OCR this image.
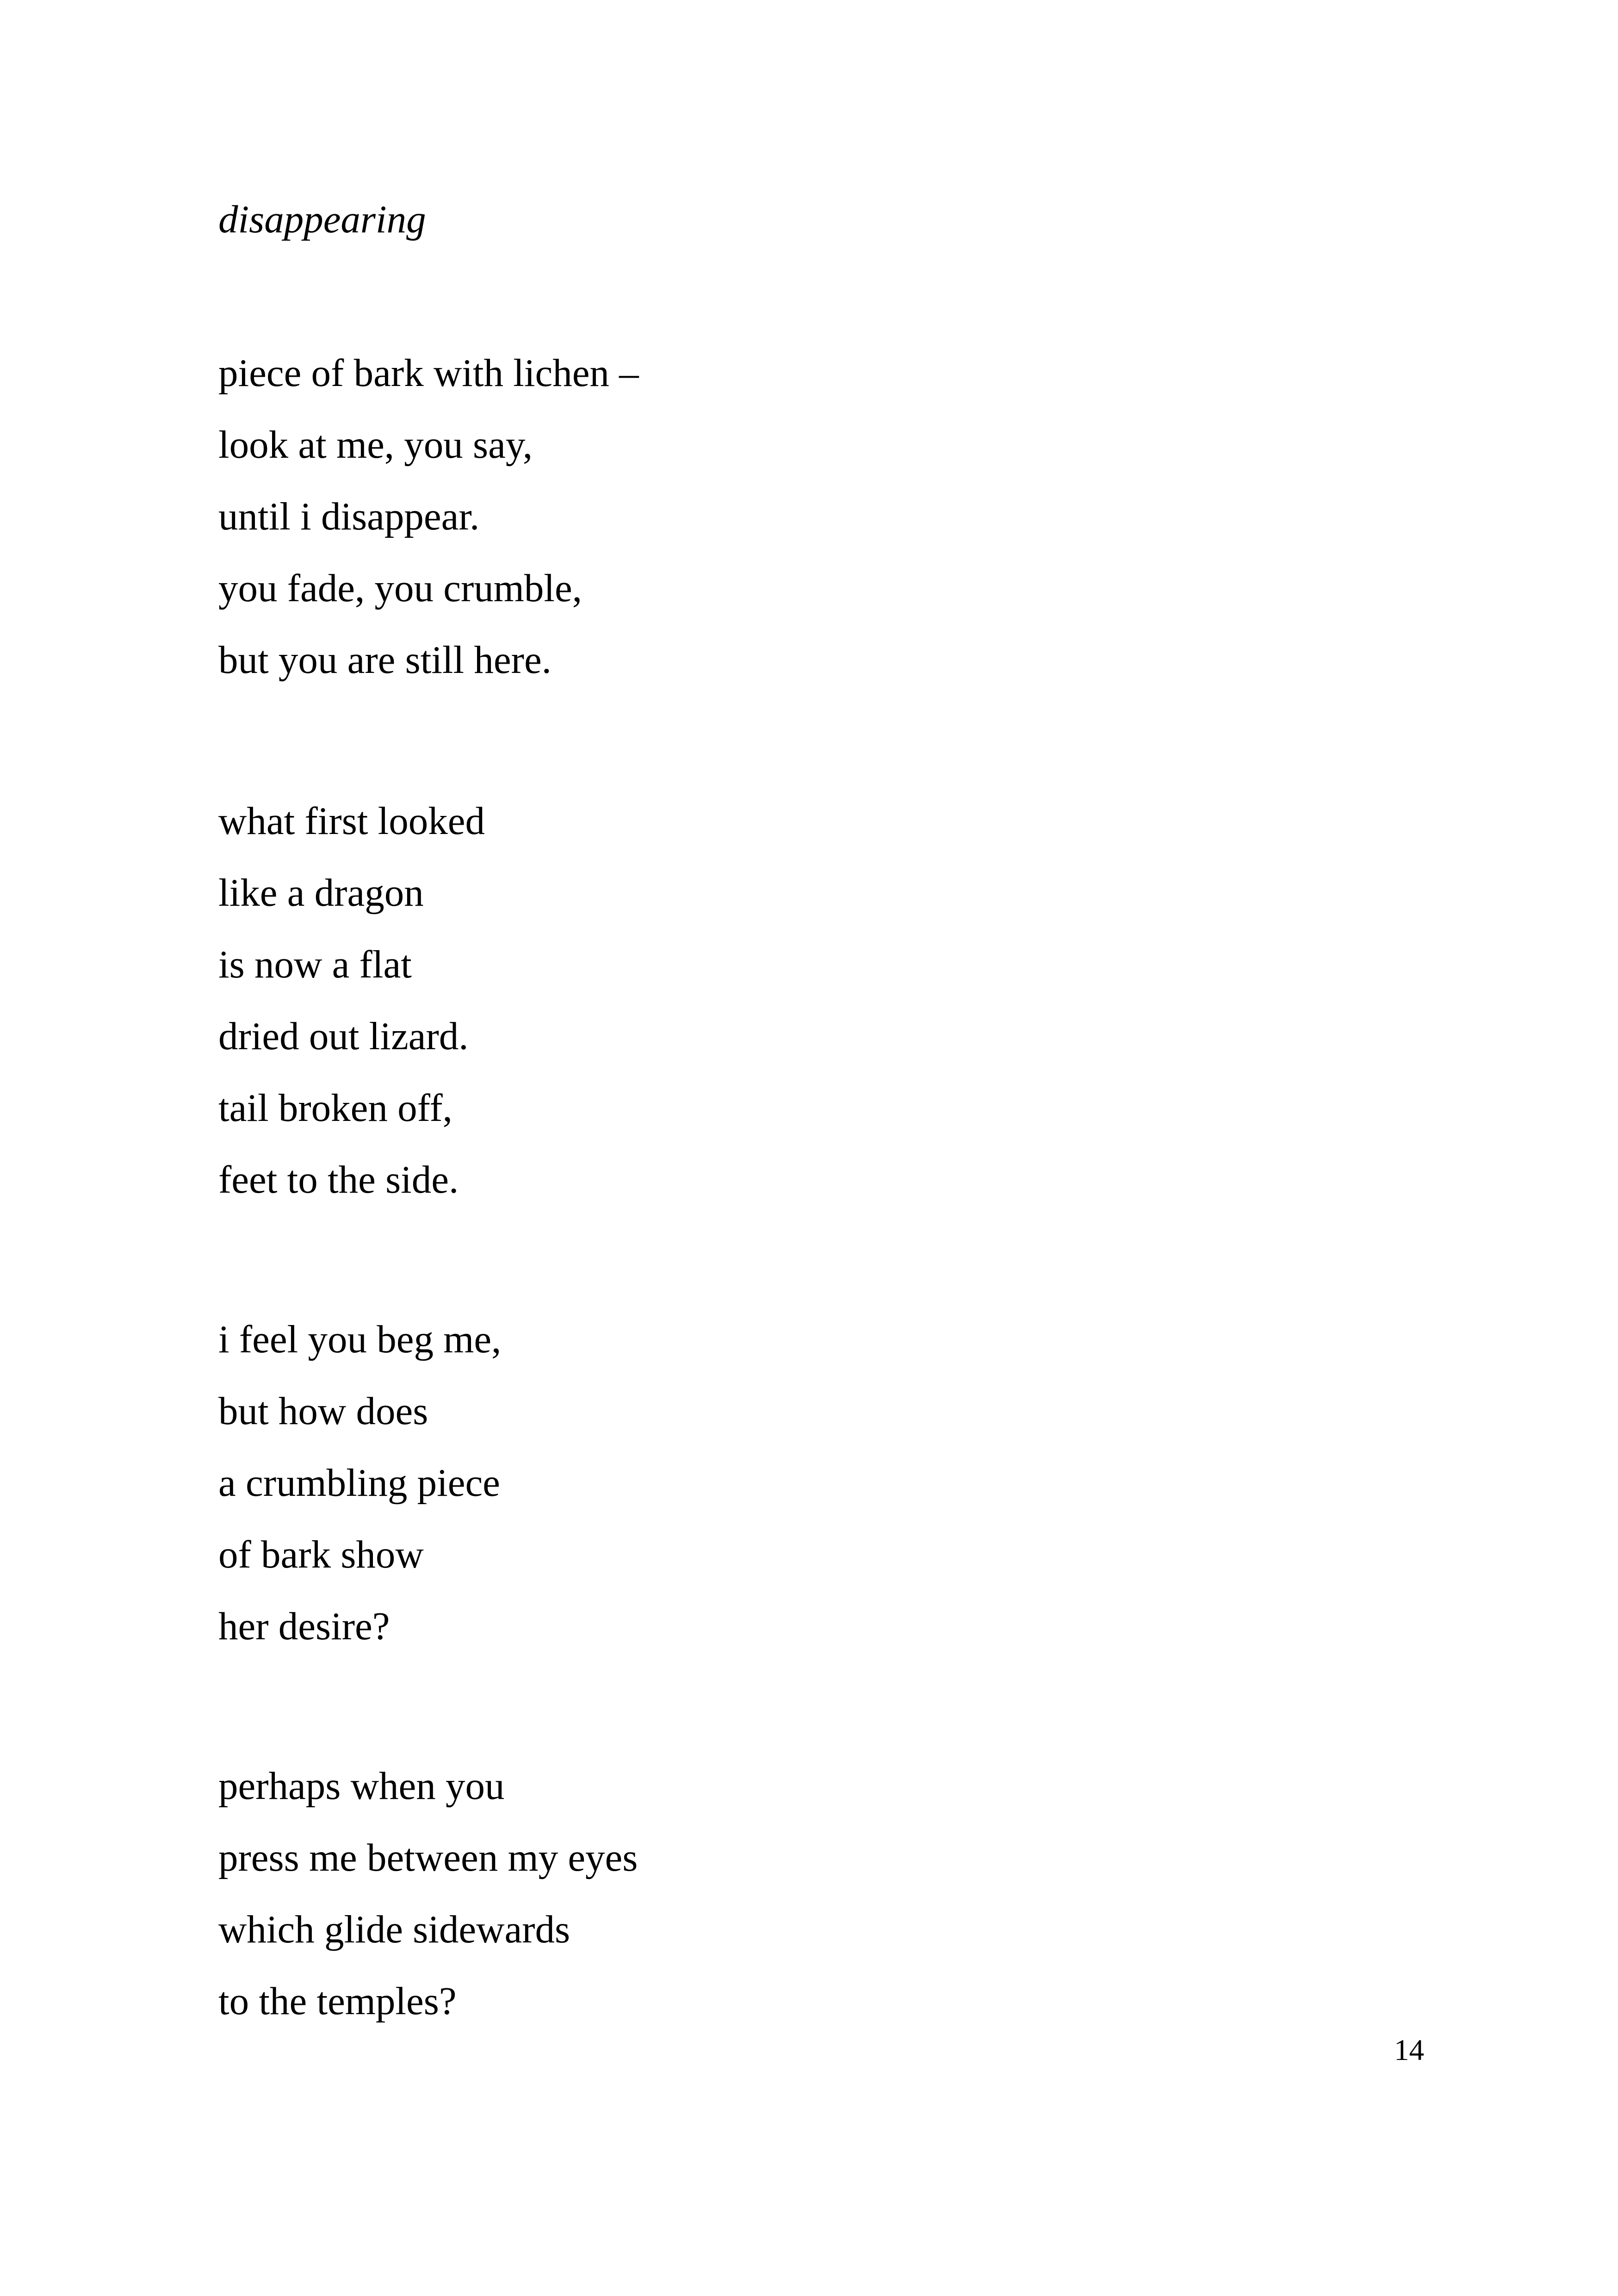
disappearing
piece of bark with lichen –
look at me, you say,
until i disappear.
you fade, you crumble,
but you are still here.
what first looked
like a dragon
is now a flat
dried out lizard.
tail broken off,
feet to the side.
i feel you beg me,
but how does
a crumbling piece
of bark show
her desire?
perhaps when you
press me between my eyes
which glide sidewards
to the temples?
14
